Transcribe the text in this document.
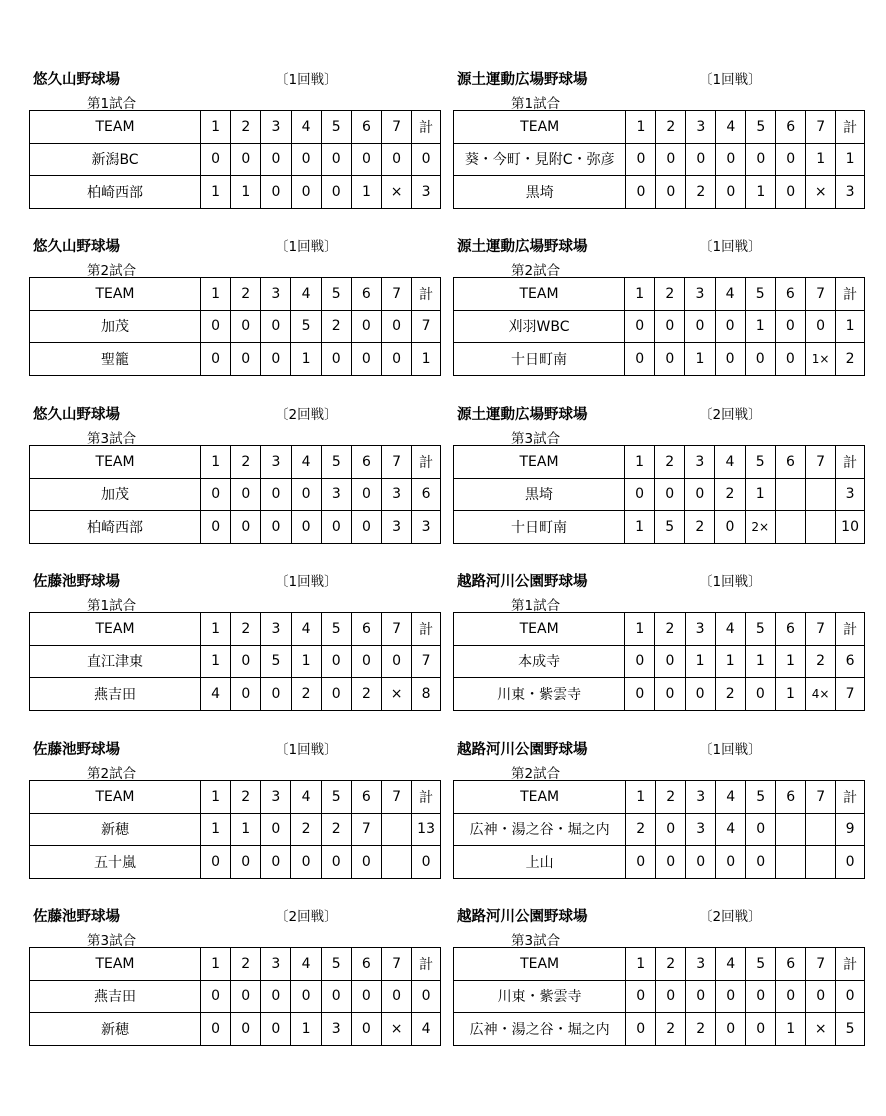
悠久山野球場	〔1回戦〕
第1試合
TEAM	1	2	3	4	5	6	7	計
新潟BC	0	0	0	0	0	0	0	0
柏崎西部	1	1	0	0	0	1	×	3
悠久山野球場	〔1回戦〕
第2試合
TEAM	1	2	3	4	5	6	7	計
加茂	0	0	0	5	2	0	0	7
聖籠	0	0	0	1	0	0	0	1
悠久山野球場	〔2回戦〕
第3試合
TEAM	1	2	3	4	5	6	7	計
加茂	0	0	0	0	3	0	3	6
柏崎西部	0	0	0	0	0	0	3	3
佐藤池野球場	〔1回戦〕
第1試合
TEAM	1	2	3	4	5	6	7	計
直江津東	1	0	5	1	0	0	0	7
燕吉田	4	0	0	2	0	2	×	8
佐藤池野球場	〔1回戦〕
第2試合
TEAM	1	2	3	4	5	6	7	計
新穂	1	1	0	2	2	7		13
五十嵐	0	0	0	0	0	0		0
佐藤池野球場	〔2回戦〕
第3試合
TEAM	1	2	3	4	5	6	7	計
燕吉田	0	0	0	0	0	0	0	0
新穂	0	0	0	1	3	0	×	4
源土運動広場野球場	〔1回戦〕
第1試合
TEAM	1	2	3	4	5	6	7	計
葵・今町・見附C・弥彦	0	0	0	0	0	0	1	1
黒埼	0	0	2	0	1	0	×	3
源土運動広場野球場	〔1回戦〕
第2試合
TEAM	1	2	3	4	5	6	7	計
刈羽WBC	0	0	0	0	1	0	0	1
十日町南	0	0	1	0	0	0	1×	2
源土運動広場野球場	〔2回戦〕
第3試合
TEAM	1	2	3	4	5	6	7	計
黒埼	0	0	0	2	1			3
十日町南	1	5	2	0	2×			10
越路河川公園野球場	〔1回戦〕
第1試合
TEAM	1	2	3	4	5	6	7	計
本成寺	0	0	1	1	1	1	2	6
川東・紫雲寺	0	0	0	2	0	1	4×	7
越路河川公園野球場	〔1回戦〕
第2試合
TEAM	1	2	3	4	5	6	7	計
広神・湯之谷・堀之内	2	0	3	4	0			9
上山	0	0	0	0	0			0
越路河川公園野球場	〔2回戦〕
第3試合
TEAM	1	2	3	4	5	6	7	計
川東・紫雲寺	0	0	0	0	0	0	0	0
広神・湯之谷・堀之内	0	2	2	0	0	1	×	5
